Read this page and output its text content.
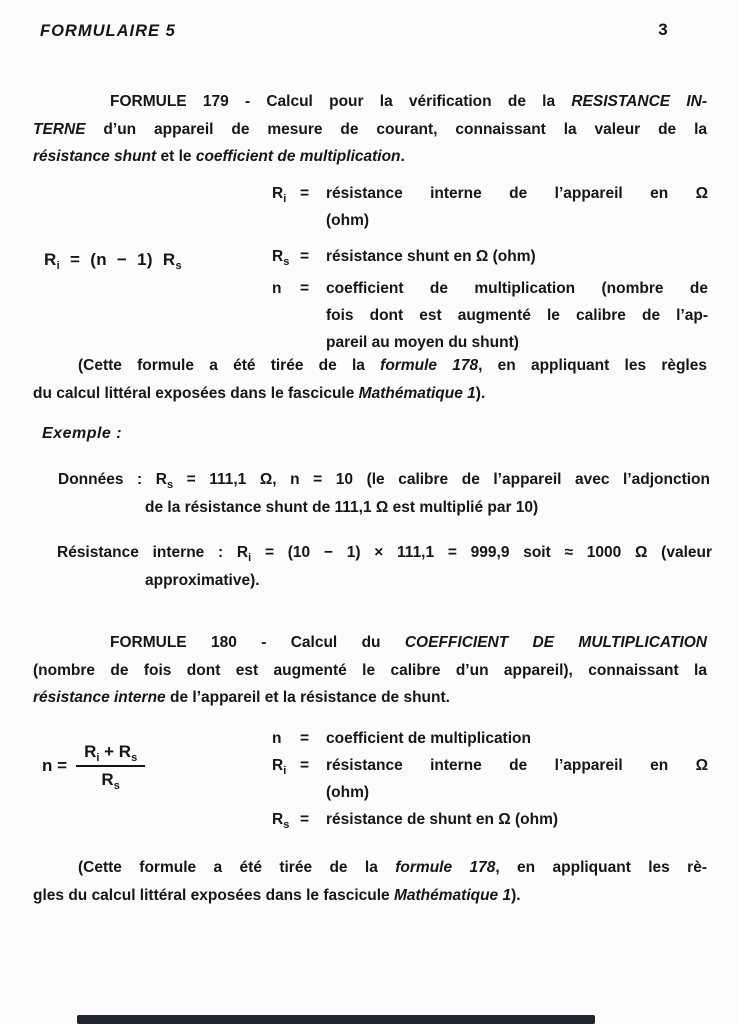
FORMULAIRE 5	3
FORMULE 179 - Calcul pour la vérification de la RESISTANCE IN-
TERNE d’un appareil de mesure de courant, connaissant la valeur de la
résistance shunt et le coefficient de multiplication.
$R_i$ =	résistance interne de l’appareil en Ω
(ohm)
$R_s$ =	résistance shunt en Ω (ohm)
n	=	coefficient de multiplication (nombre de
fois dont est augmenté le calibre de l’ap-
pareil au moyen du shunt)
$R_i = (n - 1)$ $R_s$
(Cette formule a été tirée de la formule 178, en appliquant les règles
du calcul littéral exposées dans le fascicule Mathématique 1).
Exemple :
Données : $R_s = 111,1$ Ω, n = 10 (le calibre de l’appareil avec l’adjonction
de la résistance shunt de 111,1 Ω est multiplié par 10)
Résistance interne : $R_i = (10 - 1) \times 111,1 = 999,9$ soit ≈ 1000 Ω (valeur
approximative).
FORMULE 180 - Calcul du COEFFICIENT DE MULTIPLICATION
(nombre de fois dont est augmenté le calibre d’un appareil), connaissant la
résistance interne de l’appareil et la résistance de shunt.
n	=	coefficient de multiplication
$R_i$ =	résistance interne de l’appareil en Ω
(ohm)
$R_s$ =	résistance de shunt en Ω (ohm)
$n = \frac{R_i + R_s}{R_s}$
(Cette formule a été tirée de la formule 178, en appliquant les rè-
gles du calcul littéral exposées dans le fascicule Mathématique 1).
